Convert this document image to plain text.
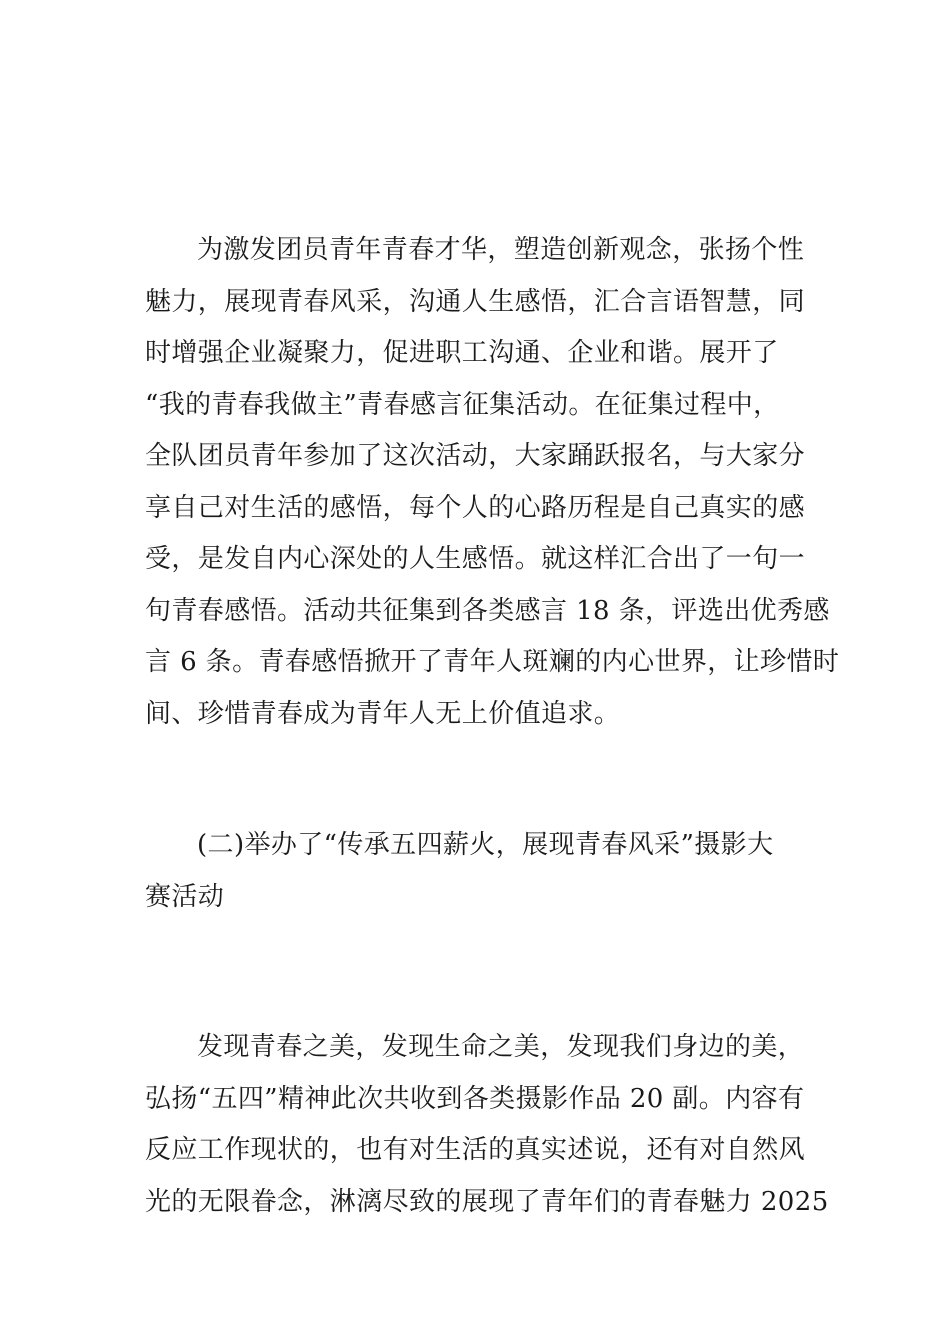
为激发团员青年青春才华，塑造创新观念，张扬个性
魅力，展现青春风采，沟通人生感悟，汇合言语智慧，同
时增强企业凝聚力，促进职工沟通、企业和谐。展开了
“我的青春我做主”青春感言征集活动。在征集过程中，
全队团员青年参加了这次活动，大家踊跃报名，与大家分
享自己对生活的感悟，每个人的心路历程是自己真实的感
受，是发自内心深处的人生感悟。就这样汇合出了一句一
句青春感悟。活动共征集到各类感言 18 条，评选出优秀感
言 6 条。青春感悟掀开了青年人斑斓的内心世界，让珍惜时
间、珍惜青春成为青年人无上价值追求。
(二)举办了“传承五四薪火，展现青春风采”摄影大
赛活动
发现青春之美，发现生命之美，发现我们身边的美，
弘扬“五四”精神此次共收到各类摄影作品 20 副。内容有
反应工作现状的，也有对生活的真实述说，还有对自然风
光的无限眷念，淋漓尽致的展现了青年们的青春魅力 2025
